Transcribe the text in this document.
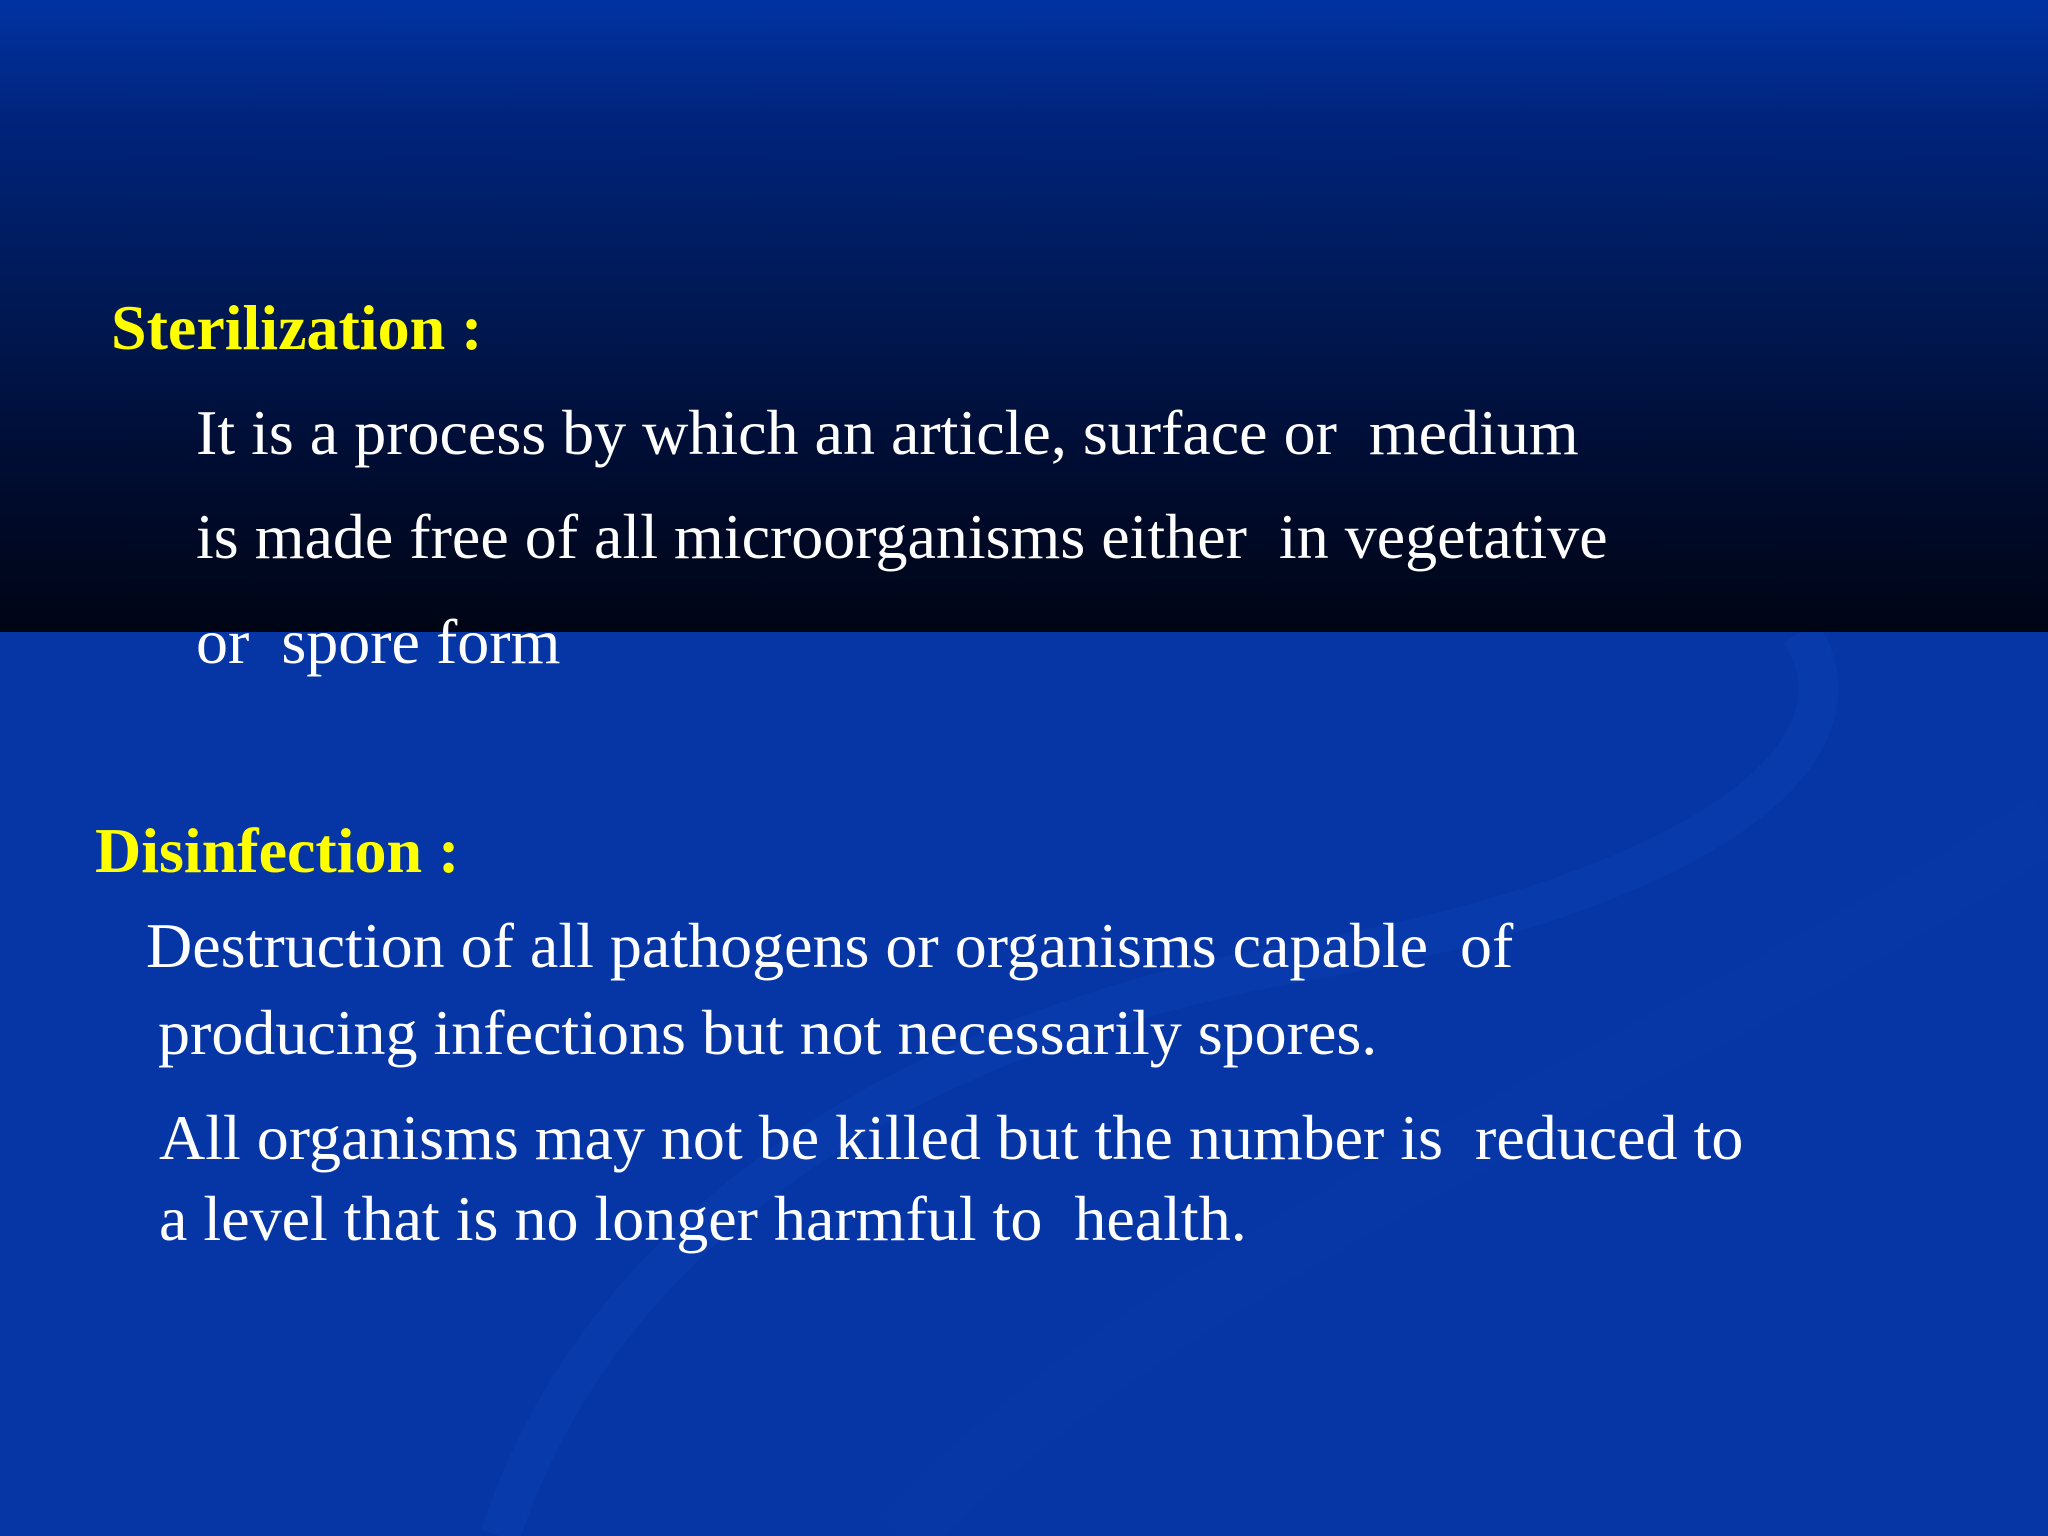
Sterilization :
It is a process by which an article, surface or  medium
is made free of all microorganisms either  in vegetative
or  spore form
Disinfection :
Destruction of all pathogens or organisms capable  of
producing infections but not necessarily spores.
All organisms may not be killed but the number is  reduced to
a level that is no longer harmful to  health.
